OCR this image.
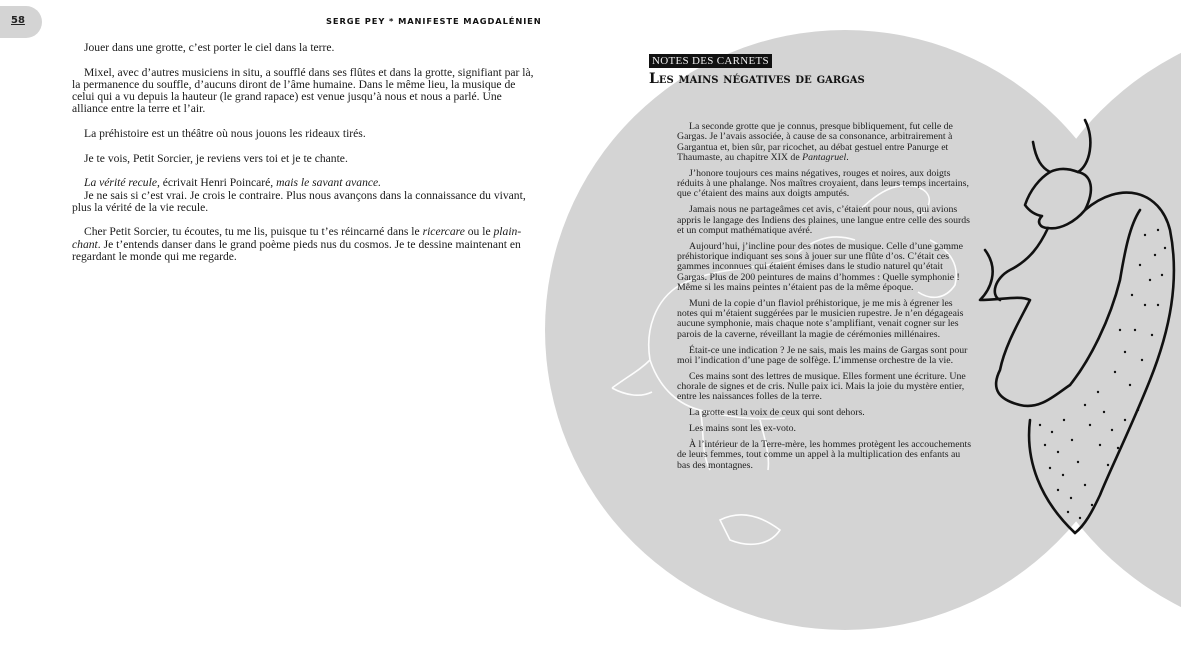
58	SERGE PEY * MANIFESTE MAGDALÉNIEN

Jouer dans une grotte, c’est porter le ciel dans la terre.

Mixel, avec d’autres musiciens in situ, a soufflé dans ses flûtes et dans la grotte, signifiant par là, la permanence du souffle, d’aucuns diront de l’âme humaine. Dans le même lieu, la musique de celui qui a vu depuis la hauteur (le grand rapace) est venue jusqu’à nous et nous a parlé. Une alliance entre la terre et l’air.

La préhistoire est un théâtre où nous jouons les rideaux tirés.

Je te vois, Petit Sorcier, je reviens vers toi et je te chante.

La vérité recule, écrivait Henri Poincaré, mais le savant avance.

Je ne sais si c’est vrai. Je crois le contraire. Plus nous avançons dans la connaissance du vivant, plus la vérité de la vie recule.

Cher Petit Sorcier, tu écoutes, tu me lis, puisque tu t’es réincarné dans le ricercare ou le plain-chant. Je t’entends danser dans le grand poème pieds nus du cosmos. Je te dessine maintenant en regardant le monde qui me regarde.

NOTES DES CARNETS
Les mains négatives de gargas

La seconde grotte que je connus, presque bibliquement, fut celle de Gargas. Je l’avais associée, à cause de sa consonance, arbitrairement à Gargantua et, bien sûr, par ricochet, au débat gestuel entre Panurge et Thaumaste, au chapitre XIX de Pantagruel.

J’honore toujours ces mains négatives, rouges et noires, aux doigts réduits à une phalange. Nos maîtres croyaient, dans leurs temps incertains, que c’étaient des mains aux doigts amputés.

Jamais nous ne partageâmes cet avis, c’étaient pour nous, qui avions appris le langage des Indiens des plaines, une langue entre celle des sourds et un comput mathématique avéré.

Aujourd’hui, j’incline pour des notes de musique. Celle d’une gamme préhistorique indiquant ses sons à jouer sur une flûte d’os. C’était ces gammes inconnues qui étaient émises dans le studio naturel qu’était Gargas. Plus de 200 peintures de mains d’hommes : Quelle symphonie ! Même si les mains peintes n’étaient pas de la même époque.

Muni de la copie d’un flaviol préhistorique, je me mis à égrener les notes qui m’étaient suggérées par le musicien rupestre. Je n’en dégageais aucune symphonie, mais chaque note s’amplifiant, venait cogner sur les parois de la caverne, réveillant la magie de cérémonies millénaires.

Était-ce une indication ? Je ne sais, mais les mains de Gargas sont pour moi l’indication d’une page de solfège. L’immense orchestre de la vie.

Ces mains sont des lettres de musique. Elles forment une écriture. Une chorale de signes et de cris. Nulle paix ici. Mais la joie du mystère entier, entre les naissances folles de la terre.

La grotte est la voix de ceux qui sont dehors.

Les mains sont les ex-voto.

À l’intérieur de la Terre-mère, les hommes protègent les accouchements de leurs femmes, tout comme un appel à la multiplication des enfants au bas des montagnes.
